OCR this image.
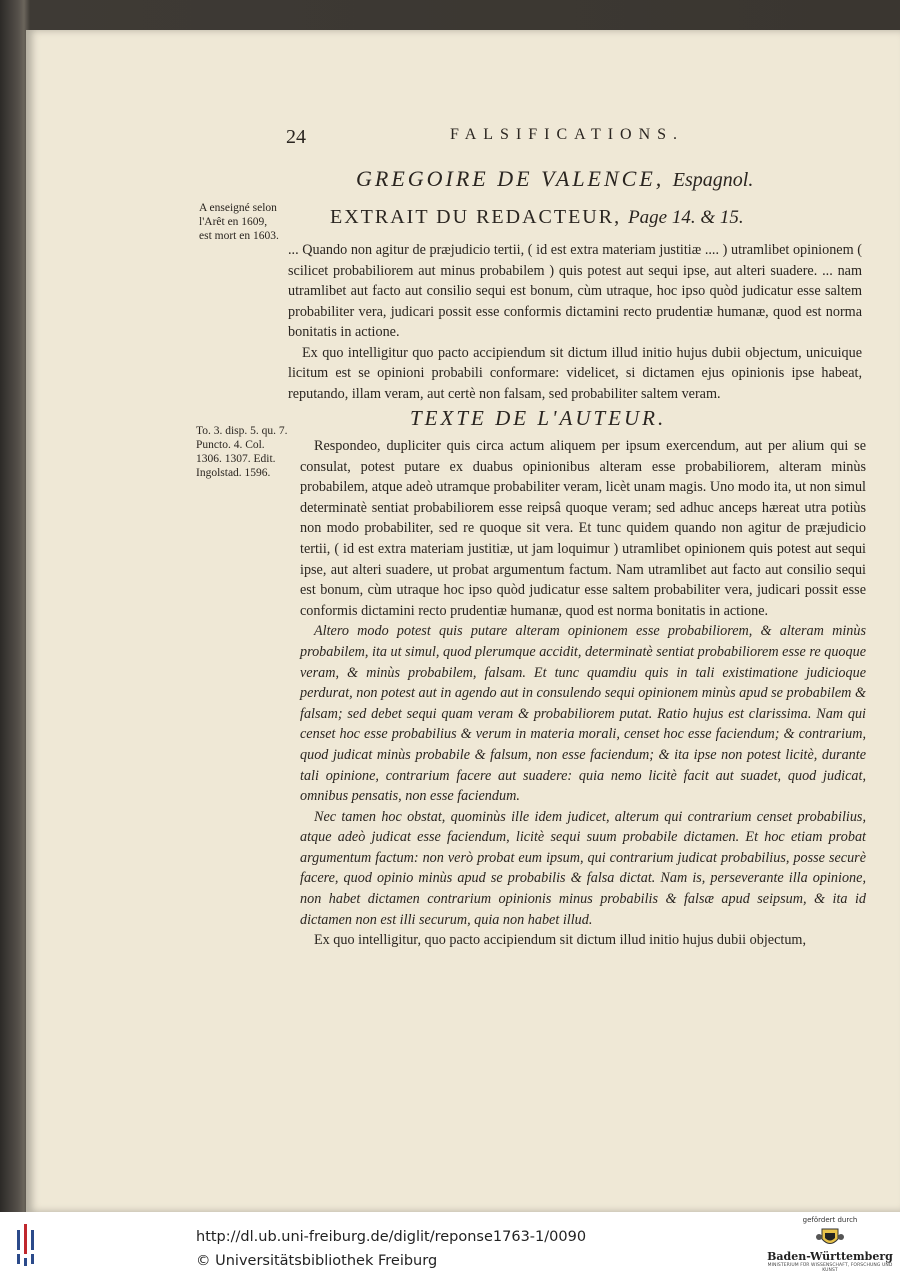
24	FALSIFICATIONS.
GREGOIRE DE VALENCE, Espagnol.
EXTRAIT DU REDACTEUR, Page 14. & 15.
A enseigné selon l'Arêt en 1609, est mort en 1603.
To. 3. disp. 5. qu. 7. Puncto. 4. Col. 1306. 1307. Edit. Ingolstad. 1596.

... Quando non agitur de præjudicio tertii, ( id est extra materiam justitiæ .... ) utramlibet opinionem ( scilicet probabiliorem aut minus probabilem ) quis potest aut sequi ipse, aut alteri suadere. ... nam utramlibet aut facto aut consilio sequi est bonum, cùm utraque, hoc ipso quòd judicatur esse saltem probabiliter vera, judicari possit esse conformis dictamini recto prudentiæ humanæ, quod est norma bonitatis in actione.

Ex quo intelligitur quo pacto accipiendum sit dictum illud initio hujus dubii objectum, unicuique licitum est se opinioni probabili conformare: videlicet, si dictamen ejus opinionis ipse habeat, reputando, illam veram, aut certè non falsam, sed probabiliter saltem veram.

TEXTE DE L'AUTEUR.

Respondeo, dupliciter quis circa actum aliquem per ipsum exercendum, aut per alium qui se consulat, potest putare ex duabus opinionibus alteram esse probabiliorem, alteram minùs probabilem, atque adeò utramque probabiliter veram, licèt unam magis. Uno modo ita, ut non simul determinatè sentiat probabiliorem esse reipsâ quoque veram; sed adhuc anceps hæreat utra potiùs non modo probabiliter, sed re quoque sit vera. Et tunc quidem quando non agitur de præjudicio tertii, ( id est extra materiam justitiæ, ut jam loquimur ) utramlibet opinionem quis potest aut sequi ipse, aut alteri suadere, ut probat argumentum factum. Nam utramlibet aut facto aut consilio sequi est bonum, cùm utraque hoc ipso quòd judicatur esse saltem probabiliter vera, judicari possit esse conformis dictamini recto prudentiæ humanæ, quod est norma bonitatis in actione.

Altero modo potest quis putare alteram opinionem esse probabiliorem, & alteram minùs probabilem, ita ut simul, quod plerumque accidit, determinatè sentiat probabiliorem esse re quoque veram, & minùs probabilem, falsam. Et tunc quamdiu quis in tali existimatione judicioque perdurat, non potest aut in agendo aut in consulendo sequi opinionem minùs apud se probabilem & falsam; sed debet sequi quam veram & probabiliorem putat. Ratio hujus est clarissima. Nam qui censet hoc esse probabilius & verum in materia morali, censet hoc esse faciendum; & contrarium, quod judicat minùs probabile & falsum, non esse faciendum; & ita ipse non potest licitè, durante tali opinione, contrarium facere aut suadere: quia nemo licitè facit aut suadet, quod judicat, omnibus pensatis, non esse faciendum.

Nec tamen hoc obstat, quominùs ille idem judicet, alterum qui contrarium censet probabilius, atque adeò judicat esse faciendum, licitè sequi suum probabile dictamen. Et hoc etiam probat argumentum factum: non verò probat eum ipsum, qui contrarium judicat probabilius, posse securè facere, quod opinio minùs apud se probabilis & falsa dictat. Nam is, perseverante illa opinione, non habet dictamen contrarium opinionis minus probabilis & falsæ apud seipsum, & ita id dictamen non est illi securum, quia non habet illud.

Ex quo intelligitur, quo pacto accipiendum sit dictum illud initio hujus dubii objectum,

http://dl.ub.uni-freiburg.de/diglit/reponse1763-1/0090
© Universitätsbibliothek Freiburg
gefördert durch
Baden-Württemberg
MINISTERIUM FÜR WISSENSCHAFT, FORSCHUNG UND KUNST
